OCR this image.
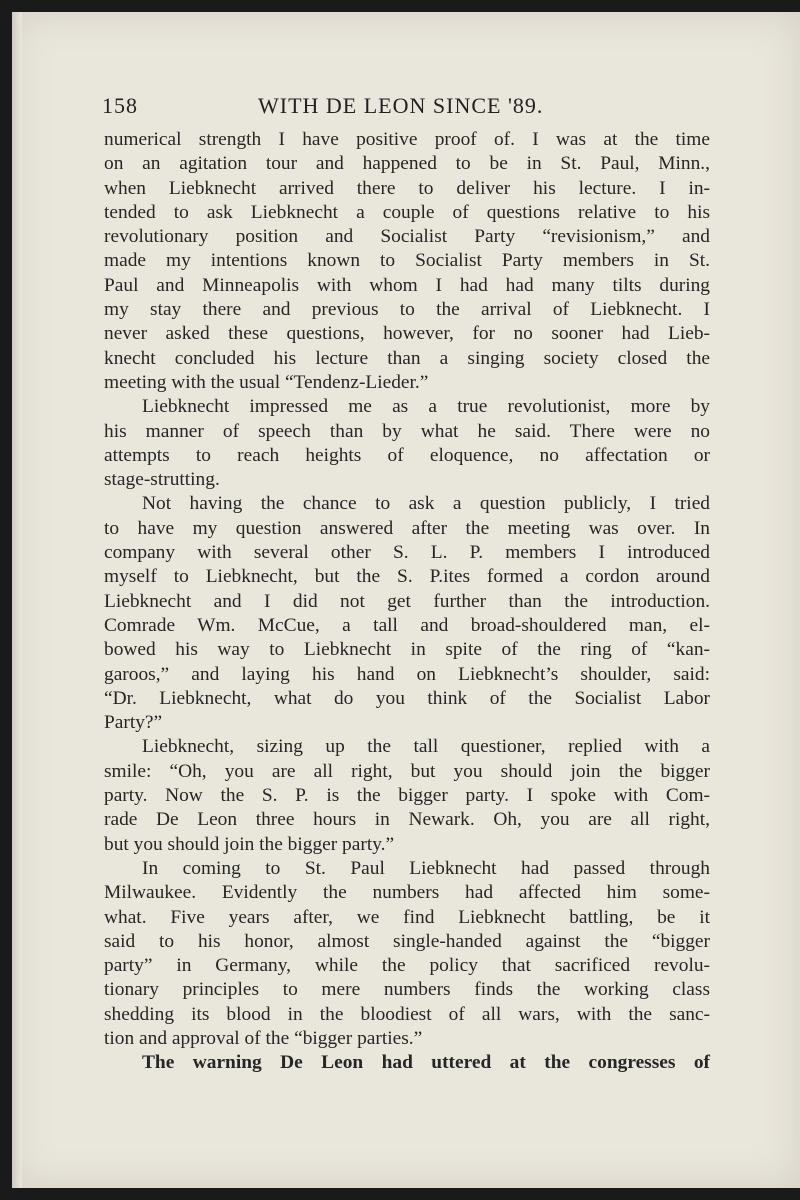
158	WITH DE LEON SINCE '89.
numerical strength I have positive proof of. I was at the time
on an agitation tour and happened to be in St. Paul, Minn.,
when Liebknecht arrived there to deliver his lecture. I in-
tended to ask Liebknecht a couple of questions relative to his
revolutionary position and Socialist Party “revisionism,” and
made my intentions known to Socialist Party members in St.
Paul and Minneapolis with whom I had had many tilts during
my stay there and previous to the arrival of Liebknecht. I
never asked these questions, however, for no sooner had Lieb-
knecht concluded his lecture than a singing society closed the
meeting with the usual “Tendenz-Lieder.”
Liebknecht impressed me as a true revolutionist, more by
his manner of speech than by what he said. There were no
attempts to reach heights of eloquence, no affectation or
stage-strutting.
Not having the chance to ask a question publicly, I tried
to have my question answered after the meeting was over. In
company with several other S. L. P. members I introduced
myself to Liebknecht, but the S. P.ites formed a cordon around
Liebknecht and I did not get further than the introduction.
Comrade Wm. McCue, a tall and broad-shouldered man, el-
bowed his way to Liebknecht in spite of the ring of “kan-
garoos,” and laying his hand on Liebknecht’s shoulder, said:
“Dr. Liebknecht, what do you think of the Socialist Labor
Party?”
Liebknecht, sizing up the tall questioner, replied with a
smile: “Oh, you are all right, but you should join the bigger
party. Now the S. P. is the bigger party. I spoke with Com-
rade De Leon three hours in Newark. Oh, you are all right,
but you should join the bigger party.”
In coming to St. Paul Liebknecht had passed through
Milwaukee. Evidently the numbers had affected him some-
what. Five years after, we find Liebknecht battling, be it
said to his honor, almost single-handed against the “bigger
party” in Germany, while the policy that sacrificed revolu-
tionary principles to mere numbers finds the working class
shedding its blood in the bloodiest of all wars, with the sanc-
tion and approval of the “bigger parties.”
The warning De Leon had uttered at the congresses of
